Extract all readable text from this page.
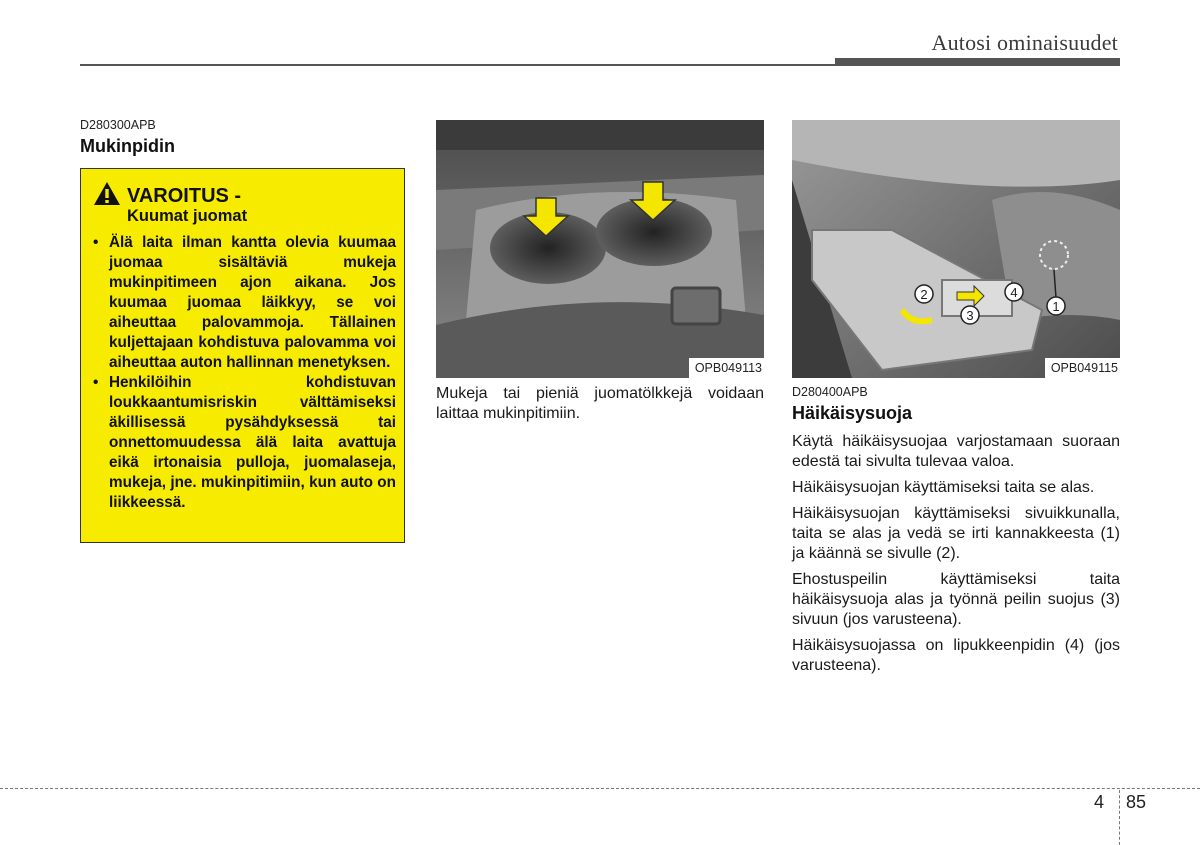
Autosi ominaisuudet
D280300APB
Mukinpidin
VAROITUS -
Kuumat juomat
• Älä laita ilman kantta olevia kuumaa juomaa sisältäviä mukeja mukinpitimeen ajon aikana. Jos kuumaa juomaa läikkyy, se voi aiheuttaa palovammoja. Tällainen kuljettajaan kohdistuva palovamma voi aiheuttaa auton hallinnan menetyksen.
• Henkilöihin kohdistuvan loukkaantumisriskin välttämiseksi äkillisessä pysähdyksessä tai onnettomuudessa älä laita avattuja eikä irtonaisia pulloja, juomalaseja, mukeja, jne. mukinpitimiin, kun auto on liikkeessä.
OPB049113
Mukeja tai pieniä juomatölkkejä voidaan laittaa mukinpitimiin.
1
2
3
4
OPB049115
D280400APB
Häikäisysuoja

Käytä häikäisysuojaa varjostamaan suoraan edestä tai sivulta tulevaa valoa.

Häikäisysuojan käyttämiseksi taita se alas.

Häikäisysuojan käyttämiseksi sivuikkunalla, taita se alas ja vedä se irti kannakkeesta (1) ja käännä se sivulle (2).

Ehostuspeilin käyttämiseksi taita häikäisysuoja alas ja työnnä peilin suojus (3) sivuun (jos varusteena).

Häikäisysuojassa on lipukkeenpidin (4) (jos varusteena).

4 85
